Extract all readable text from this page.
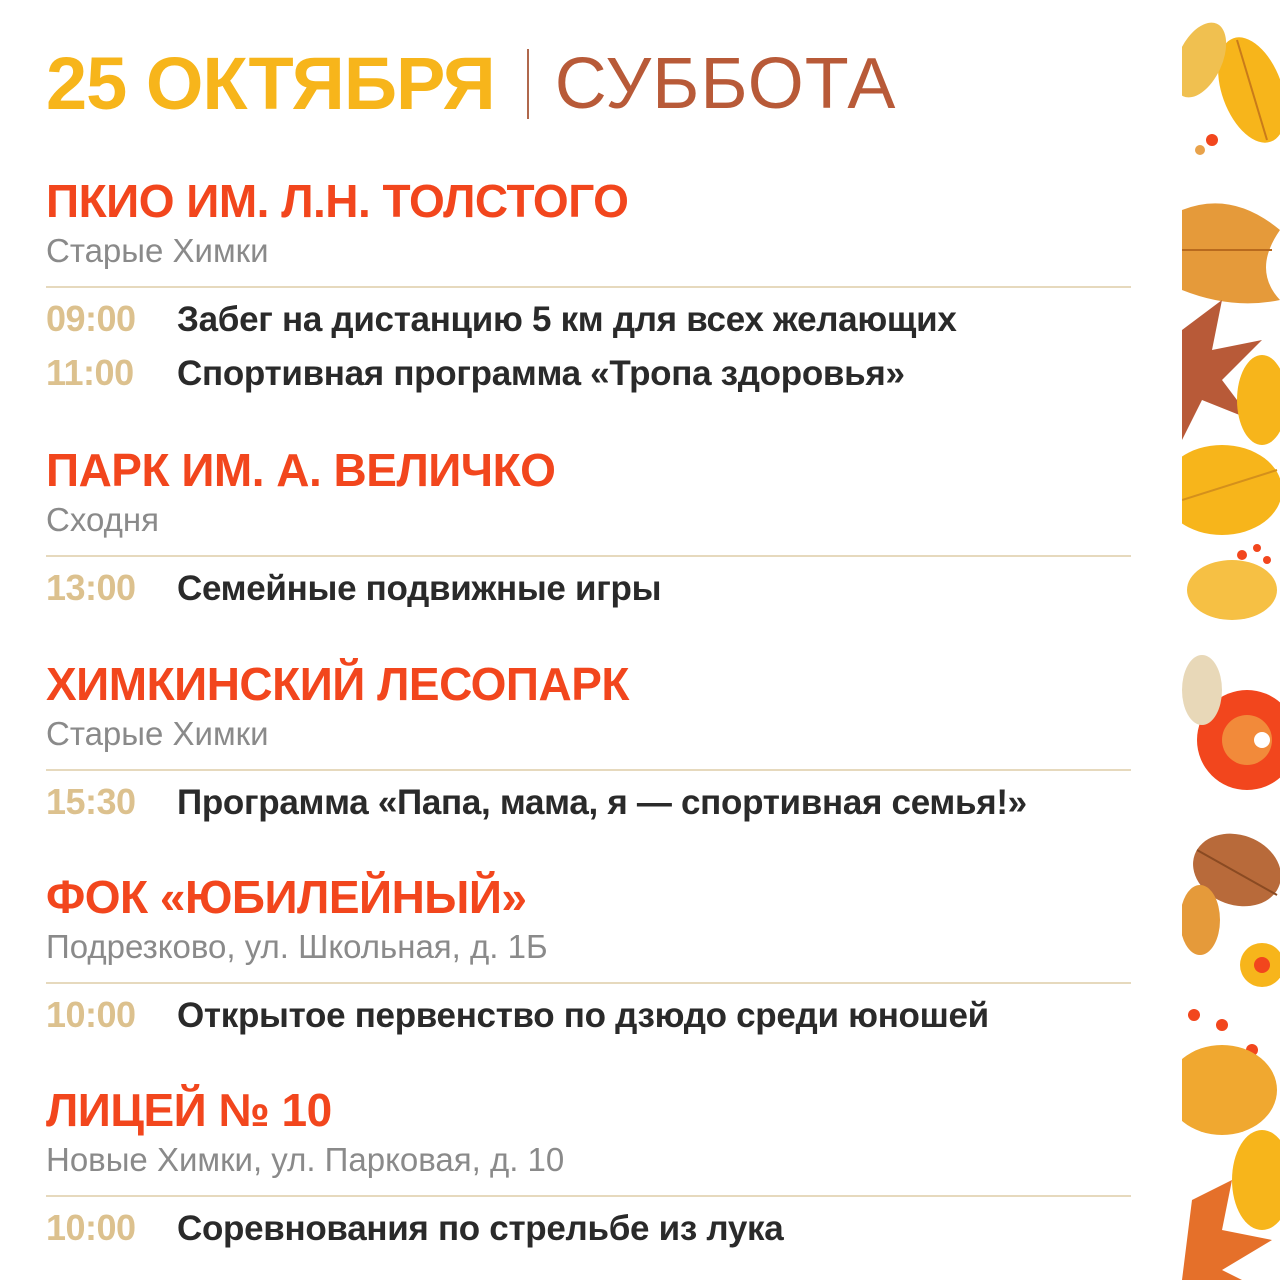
25 ОКТЯБРЯ СУББОТА
ПКИО ИМ. Л.Н. ТОЛСТОГО
Старые Химки
09:00	Забег на дистанцию 5 км для всех желающих
11:00	Спортивная программа «Тропа здоровья»
ПАРК ИМ. А. ВЕЛИЧКО
Сходня
13:00	Семейные подвижные игры
ХИМКИНСКИЙ ЛЕСОПАРК
Старые Химки
15:30	Программа «Папа, мама, я — спортивная семья!»
ФОК «ЮБИЛЕЙНЫЙ»
Подрезково, ул. Школьная, д. 1Б
10:00	Открытое первенство по дзюдо среди юношей
ЛИЦЕЙ № 10
Новые Химки, ул. Парковая, д. 10
10:00	Соревнования по стрельбе из лука
